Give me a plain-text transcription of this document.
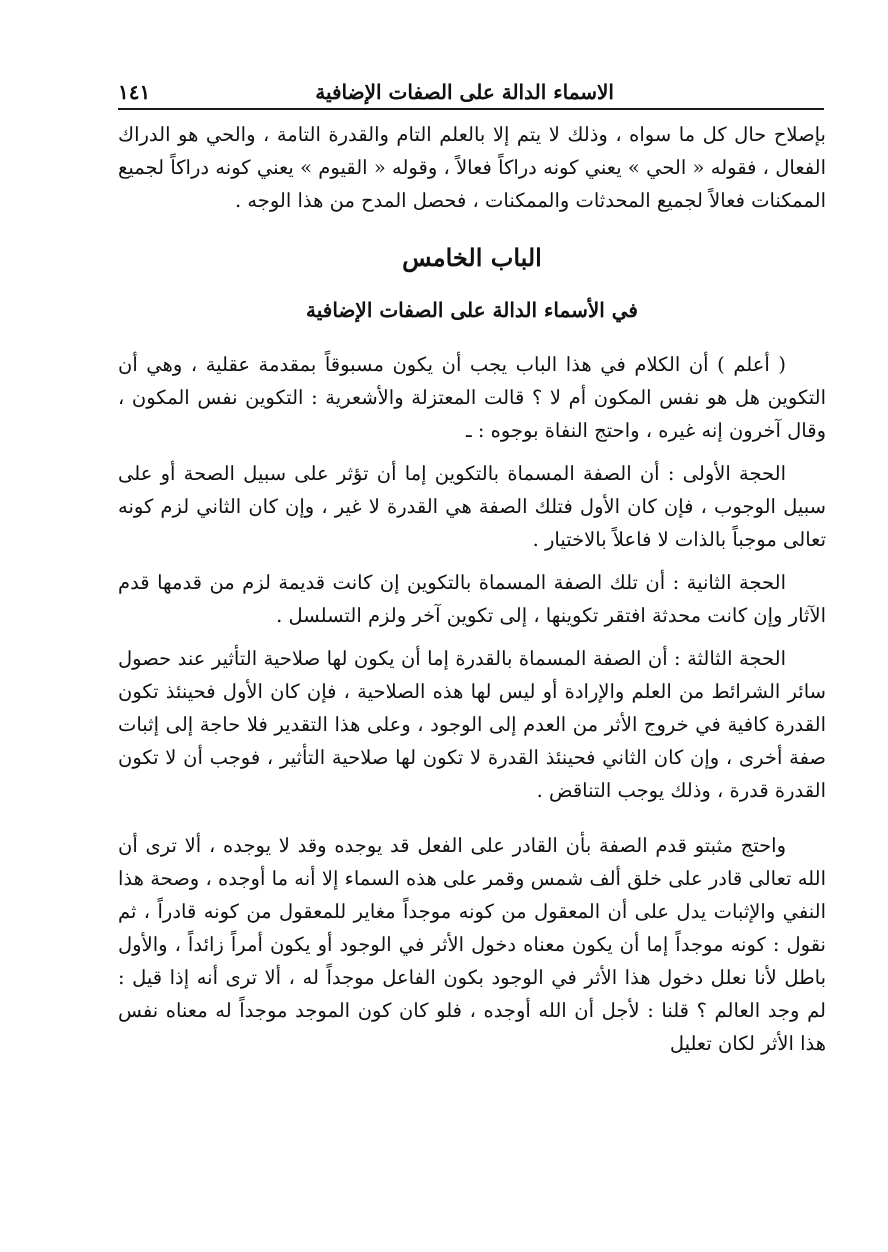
الاسماء الدالة على الصفات الإضافية
١٤١

بإصلاح حال كل ما سواه ، وذلك لا يتم إلا بالعلم التام والقدرة التامة ، والحي هو الدراك الفعال ، فقوله « الحي » يعني كونه دراكاً فعالاً ، وقوله « القيوم » يعني كونه دراكاً لجميع الممكنات فعالاً لجميع المحدثات والممكنات ، فحصل المدح من هذا الوجه .

الباب الخامس
في الأسماء الدالة على الصفات الإضافية

( أعلم ) أن الكلام في هذا الباب يجب أن يكون مسبوقاً بمقدمة عقلية ، وهي أن التكوين هل هو نفس المكون أم لا ؟ قالت المعتزلة والأشعرية : التكوين نفس المكون ، وقال آخرون إنه غيره ، واحتج النفاة بوجوه : ـ

الحجة الأولى : أن الصفة المسماة بالتكوين إما أن تؤثر على سبيل الصحة أو على سبيل الوجوب ، فإن كان الأول فتلك الصفة هي القدرة لا غير ، وإن كان الثاني لزم كونه تعالى موجباً بالذات لا فاعلاً بالاختيار .

الحجة الثانية : أن تلك الصفة المسماة بالتكوين إن كانت قديمة لزم من قدمها قدم الآثار وإن كانت محدثة افتقر تكوينها ، إلى تكوين آخر ولزم التسلسل .

الحجة الثالثة : أن الصفة المسماة بالقدرة إما أن يكون لها صلاحية التأثير عند حصول سائر الشرائط من العلم والإرادة أو ليس لها هذه الصلاحية ، فإن كان الأول فحينئذ تكون القدرة كافية في خروج الأثر من العدم إلى الوجود ، وعلى هذا التقدير فلا حاجة إلى إثبات صفة أخرى ، وإن كان الثاني فحينئذ القدرة لا تكون لها صلاحية التأثير ، فوجب أن لا تكون القدرة قدرة ، وذلك يوجب التناقض .

واحتج مثبتو قدم الصفة بأن القادر على الفعل قد يوجده وقد لا يوجده ، ألا ترى أن الله تعالى قادر على خلق ألف شمس وقمر على هذه السماء إلا أنه ما أوجده ، وصحة هذا النفي والإثبات يدل على أن المعقول من كونه موجداً مغاير للمعقول من كونه قادراً ، ثم نقول : كونه موجداً إما أن يكون معناه دخول الأثر في الوجود أو يكون أمراً زائداً ، والأول باطل لأنا نعلل دخول هذا الأثر في الوجود بكون الفاعل موجداً له ، ألا ترى أنه إذا قيل : لم وجد العالم ؟ قلنا : لأجل أن الله أوجده ، فلو كان كون الموجد موجداً له معناه نفس هذا الأثر لكان تعليل
